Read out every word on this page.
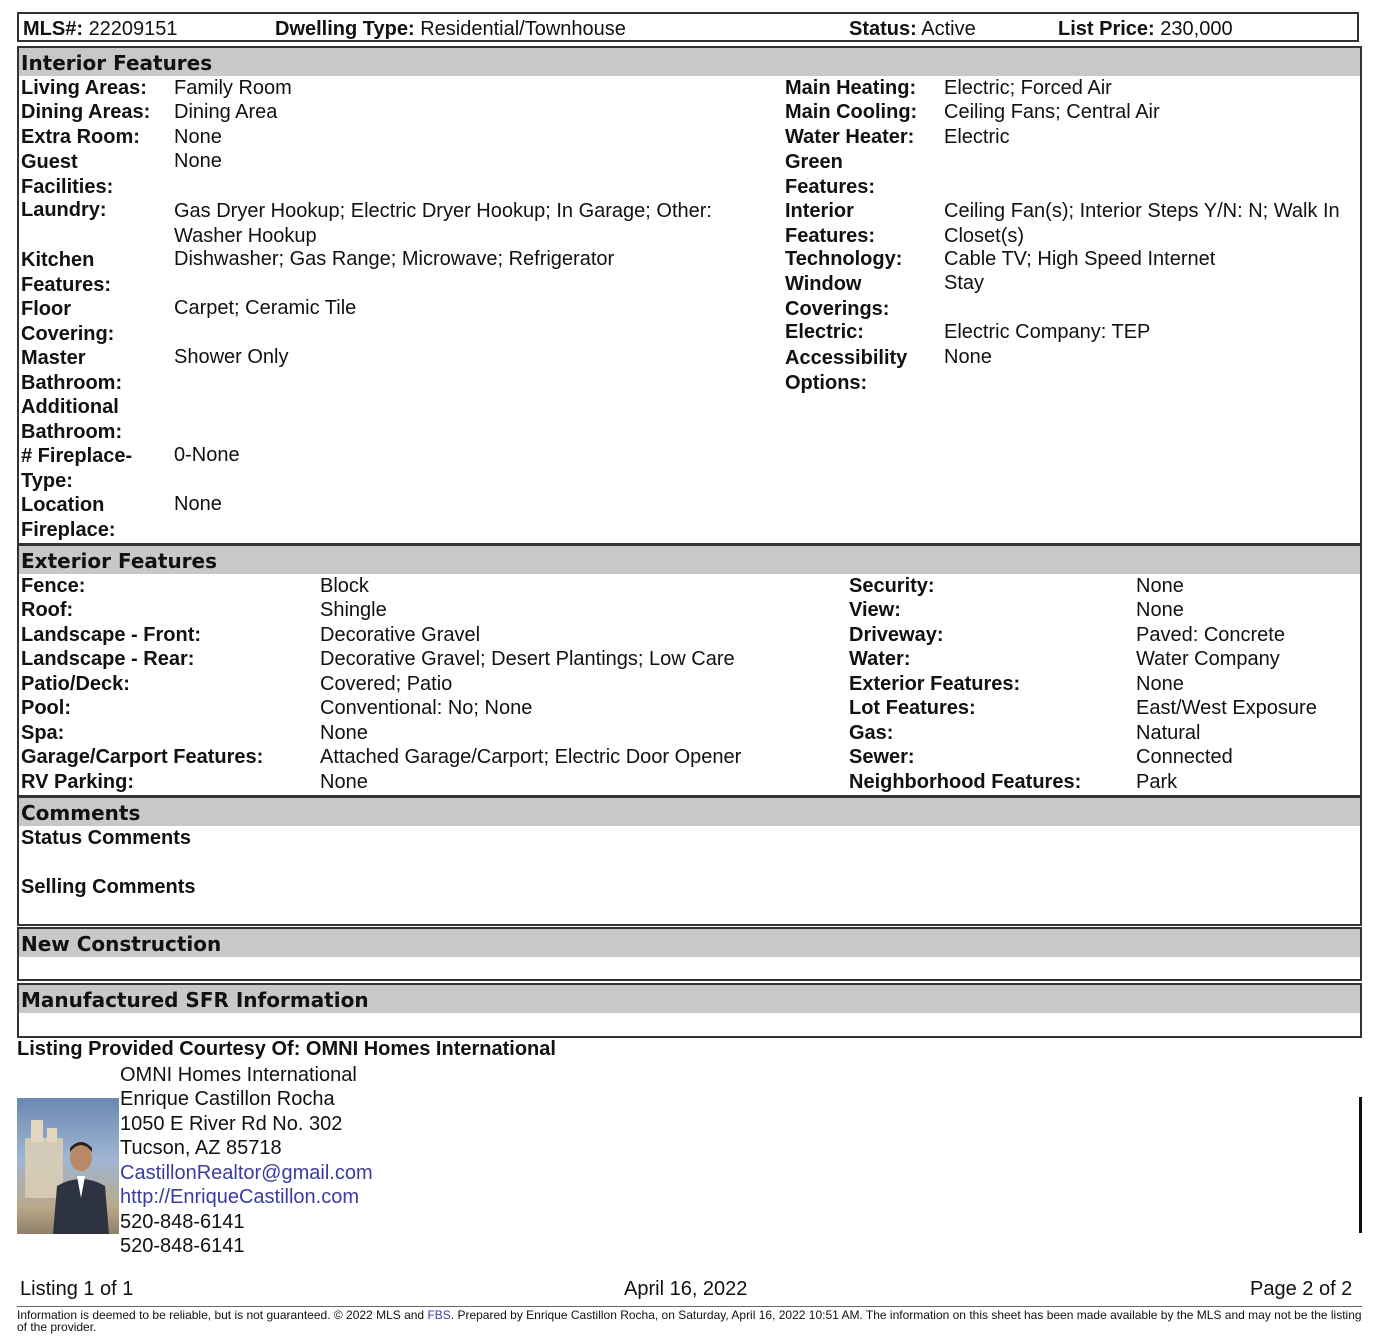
MLS#: 22209151	Dwelling Type: Residential/Townhouse	Status: Active	List Price: 230,000
Interior Features
Living Areas: Family Room
Dining Areas: Dining Area
Extra Room: None
Guest Facilities:
None
Laundry:	Gas Dryer Hookup; Electric Dryer Hookup; In Garage; Other: Washer Hookup
Kitchen Features:
Dishwasher; Gas Range; Microwave; Refrigerator
Floor Covering:
Carpet; Ceramic Tile
Master Bathroom:
Shower Only
Additional Bathroom:
# Fireplace-Type:
0-None
Location Fireplace:
None
Main Heating: Electric; Forced Air
Main Cooling: Ceiling Fans; Central Air
Water Heater: Electric
Green Features:
Interior Features:
Ceiling Fan(s); Interior Steps Y/N: N; Walk In Closet(s)
Technology: Cable TV; High Speed Internet
Window Coverings:
Stay
Electric:	Electric Company: TEP
Accessibility Options:
None
Exterior Features
Fence:	Block
Roof:	Shingle
Landscape - Front:	Decorative Gravel
Landscape - Rear:	Decorative Gravel; Desert Plantings; Low Care
Patio/Deck:	Covered; Patio
Pool:	Conventional: No; None
Spa:	None
Garage/Carport Features:	Attached Garage/Carport; Electric Door Opener
RV Parking:	None
Security:	None
View:	None
Driveway:	Paved: Concrete
Water:	Water Company
Exterior Features:	None
Lot Features:	East/West Exposure
Gas:	Natural
Sewer:	Connected
Neighborhood Features:	Park
Comments
Status Comments
Selling Comments
New Construction
Manufactured SFR Information
Listing Provided Courtesy Of: OMNI Homes International
OMNI Homes International
Enrique Castillon Rocha
1050 E River Rd No. 302
Tucson, AZ 85718
CastillonRealtor@gmail.com
http://EnriqueCastillon.com
520-848-6141
520-848-6141
Listing 1 of 1	April 16, 2022	Page 2 of 2
Information is deemed to be reliable, but is not guaranteed. © 2022 MLS and FBS. Prepared by Enrique Castillon Rocha, on Saturday, April 16, 2022 10:51 AM. The information on this sheet has been made available by the MLS and may not be the listing of the provider.
